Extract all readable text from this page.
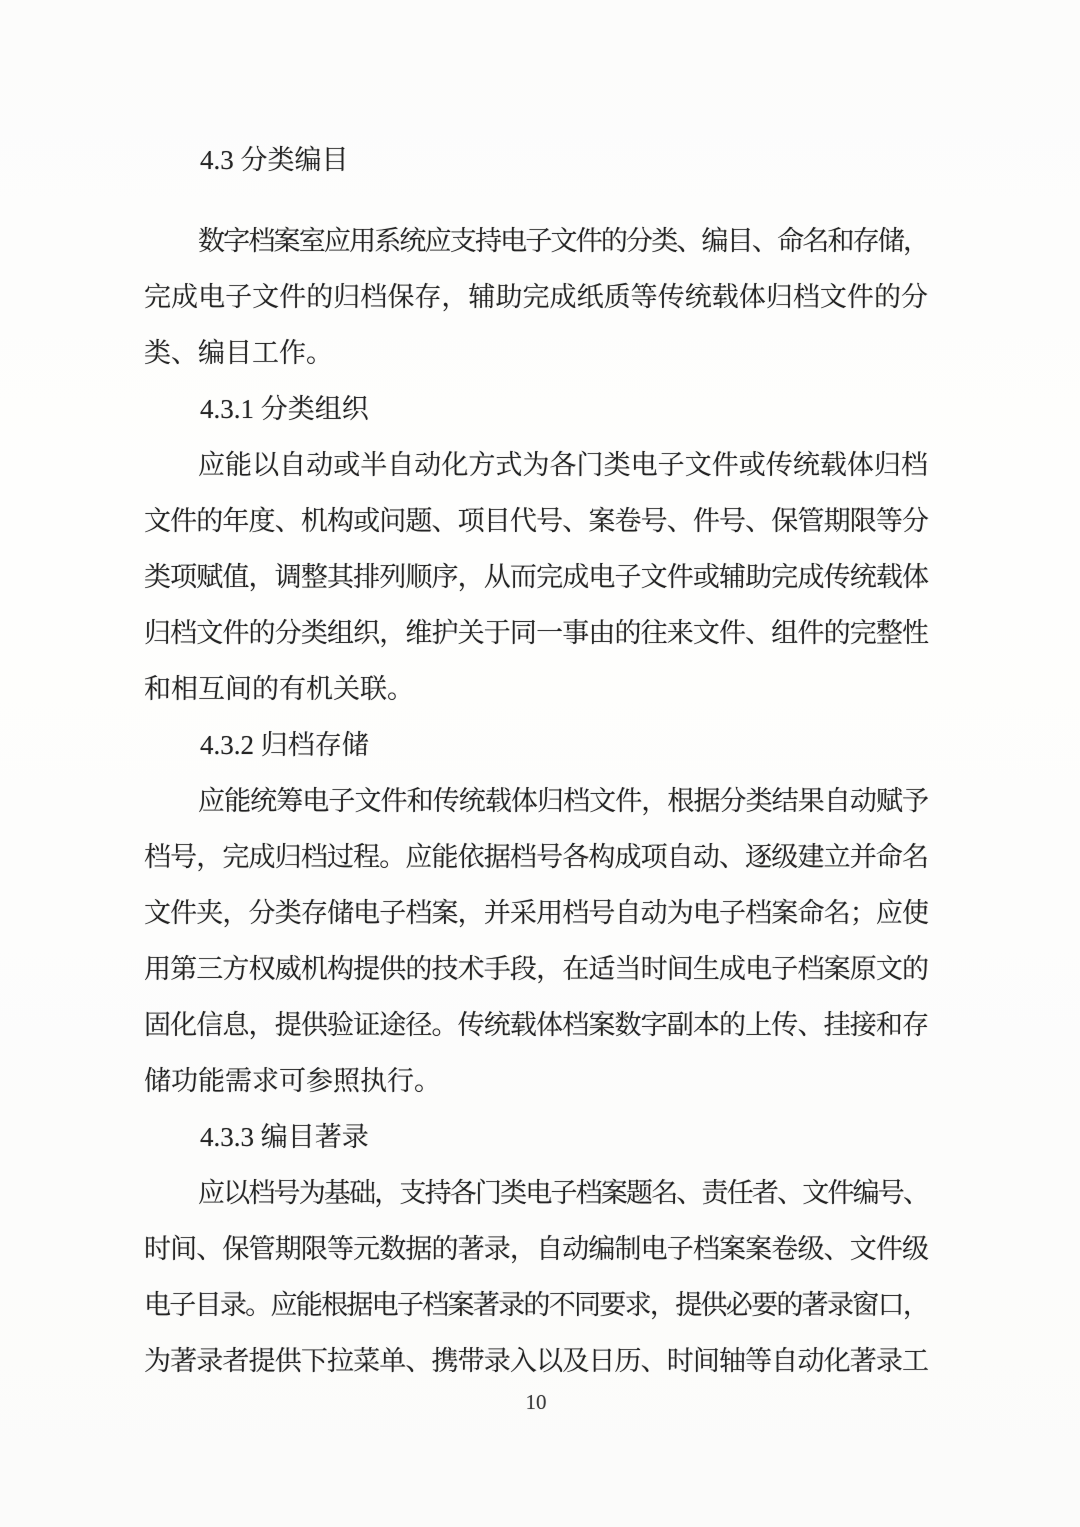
4.3 分类编目
数字档案室应用系统应支持电子文件的分类、编目、命名和存储，
完成电子文件的归档保存，辅助完成纸质等传统载体归档文件的分
类、编目工作。
4.3.1 分类组织
应能以自动或半自动化方式为各门类电子文件或传统载体归档
文件的年度、机构或问题、项目代号、案卷号、件号、保管期限等分
类项赋值，调整其排列顺序，从而完成电子文件或辅助完成传统载体
归档文件的分类组织，维护关于同一事由的往来文件、组件的完整性
和相互间的有机关联。
4.3.2 归档存储
应能统筹电子文件和传统载体归档文件，根据分类结果自动赋予
档号，完成归档过程。应能依据档号各构成项自动、逐级建立并命名
文件夹，分类存储电子档案，并采用档号自动为电子档案命名；应使
用第三方权威机构提供的技术手段，在适当时间生成电子档案原文的
固化信息，提供验证途径。传统载体档案数字副本的上传、挂接和存
储功能需求可参照执行。
4.3.3 编目著录
应以档号为基础，支持各门类电子档案题名、责任者、文件编号、
时间、保管期限等元数据的著录，自动编制电子档案案卷级、文件级
电子目录。应能根据电子档案著录的不同要求，提供必要的著录窗口，
为著录者提供下拉菜单、携带录入以及日历、时间轴等自动化著录工
10
